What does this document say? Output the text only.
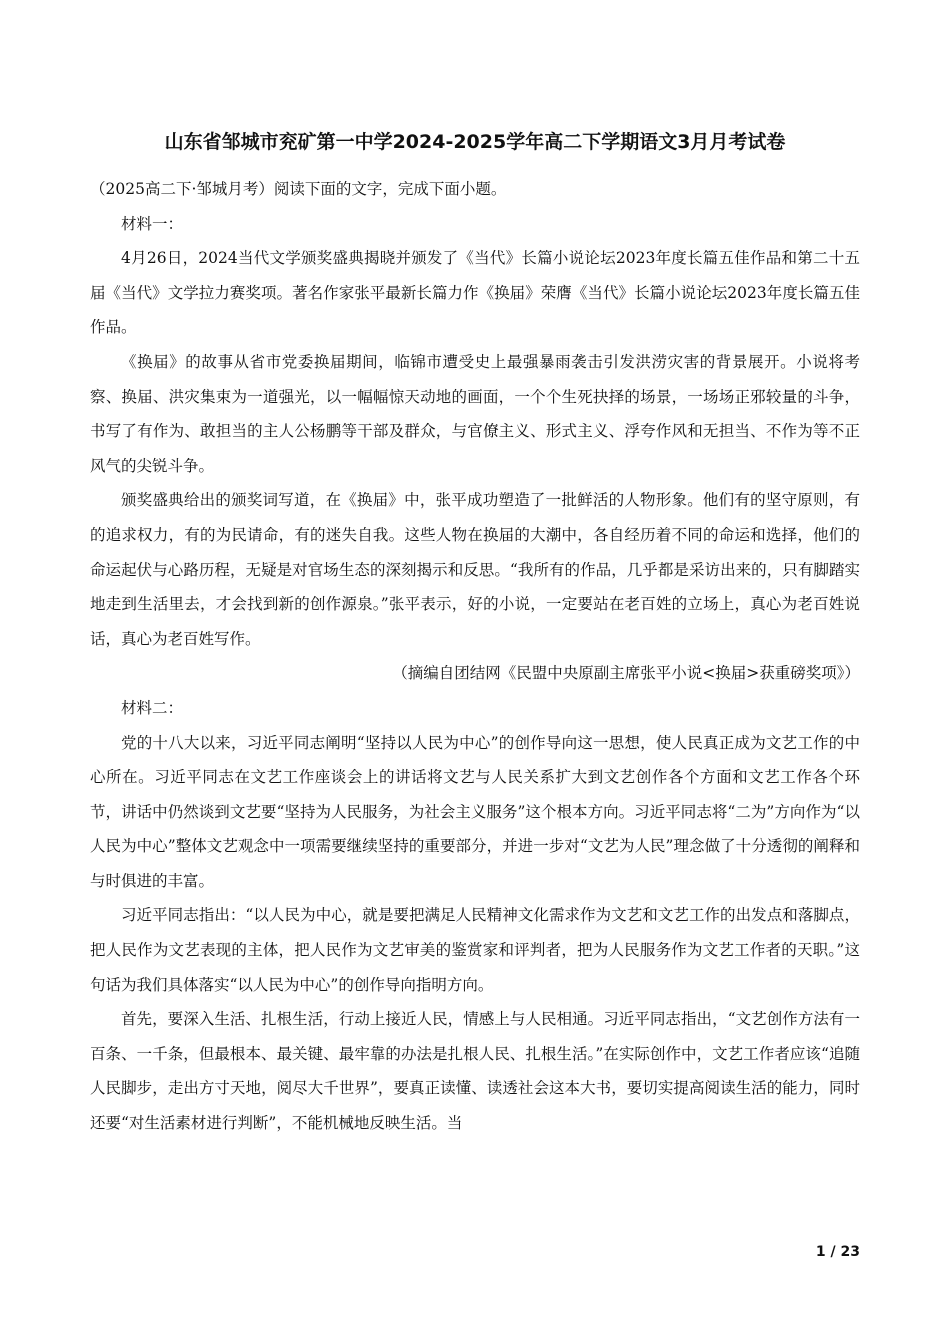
山东省邹城市兖矿第一中学2024-2025学年高二下学期语文3月月考试卷

（2025高二下·邹城月考）阅读下面的文字，完成下面小题。

材料一：

4月26日，2024当代文学颁奖盛典揭晓并颁发了《当代》长篇小说论坛2023年度长篇五佳作品和第二十五届《当代》文学拉力赛奖项。著名作家张平最新长篇力作《换届》荣膺《当代》长篇小说论坛2023年度长篇五佳作品。

《换届》的故事从省市党委换届期间，临锦市遭受史上最强暴雨袭击引发洪涝灾害的背景展开。小说将考察、换届、洪灾集束为一道强光，以一幅幅惊天动地的画面，一个个生死抉择的场景，一场场正邪较量的斗争，书写了有作为、敢担当的主人公杨鹏等干部及群众，与官僚主义、形式主义、浮夸作风和无担当、不作为等不正风气的尖锐斗争。

颁奖盛典给出的颁奖词写道，在《换届》中，张平成功塑造了一批鲜活的人物形象。他们有的坚守原则，有的追求权力，有的为民请命，有的迷失自我。这些人物在换届的大潮中，各自经历着不同的命运和选择，他们的命运起伏与心路历程，无疑是对官场生态的深刻揭示和反思。“我所有的作品，几乎都是采访出来的，只有脚踏实地走到生活里去，才会找到新的创作源泉。”张平表示，好的小说，一定要站在老百姓的立场上，真心为老百姓说话，真心为老百姓写作。

（摘编自团结网《民盟中央原副主席张平小说<换届>获重磅奖项》）

材料二：

党的十八大以来，习近平同志阐明“坚持以人民为中心”的创作导向这一思想，使人民真正成为文艺工作的中心所在。习近平同志在文艺工作座谈会上的讲话将文艺与人民关系扩大到文艺创作各个方面和文艺工作各个环节，讲话中仍然谈到文艺要“坚持为人民服务，为社会主义服务”这个根本方向。习近平同志将“二为”方向作为“以人民为中心”整体文艺观念中一项需要继续坚持的重要部分，并进一步对“文艺为人民”理念做了十分透彻的阐释和与时俱进的丰富。

习近平同志指出：“以人民为中心，就是要把满足人民精神文化需求作为文艺和文艺工作的出发点和落脚点，把人民作为文艺表现的主体，把人民作为文艺审美的鉴赏家和评判者，把为人民服务作为文艺工作者的天职。”这句话为我们具体落实“以人民为中心”的创作导向指明方向。

首先，要深入生活、扎根生活，行动上接近人民，情感上与人民相通。习近平同志指出，“文艺创作方法有一百条、一千条，但最根本、最关键、最牢靠的办法是扎根人民、扎根生活。”在实际创作中，文艺工作者应该“追随人民脚步，走出方寸天地，阅尽大千世界”，要真正读懂、读透社会这本大书，要切实提高阅读生活的能力，同时还要“对生活素材进行判断”，不能机械地反映生活。当

1 / 23
